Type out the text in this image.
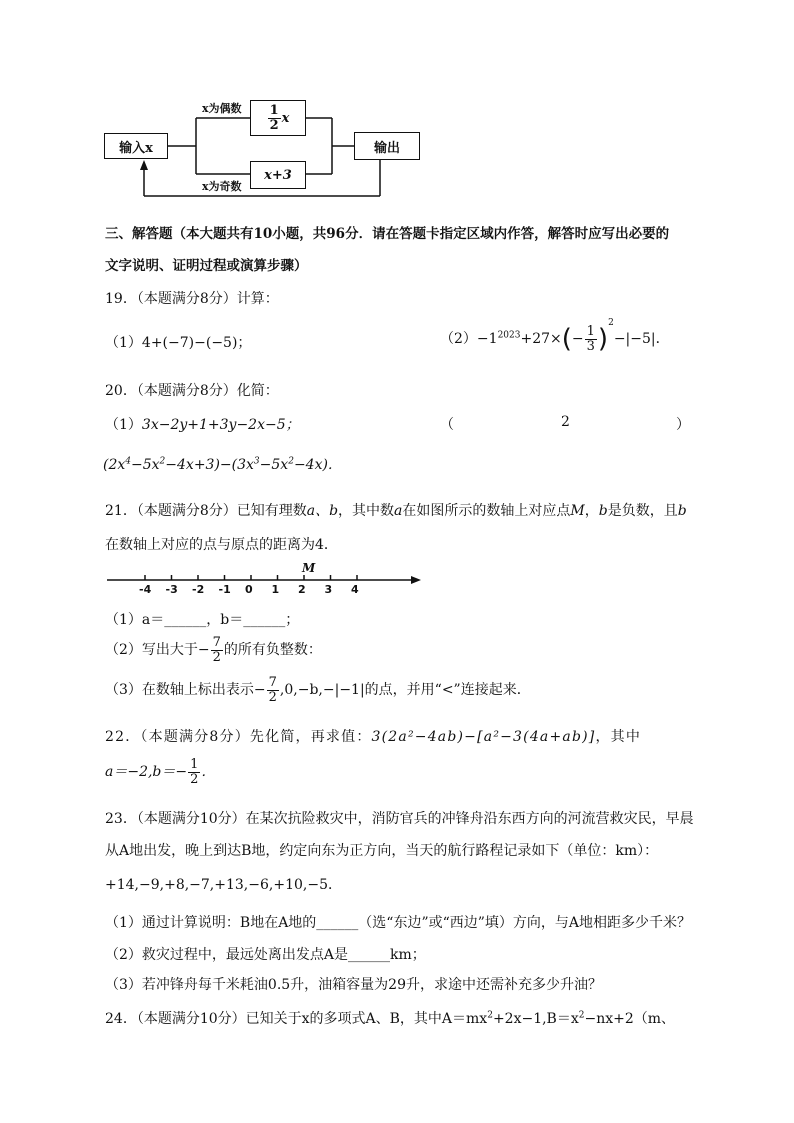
输入x
$\frac{1}{2}$ x
x+3
输出
x为偶数
x为奇数
三、解答题（本大题共有10小题，共96分．请在答题卡指定区域内作答，解答时应写出必要的
文字说明、证明过程或演算步骤）
19．（本题满分8分）计算：
（1）4+(−7)−(−5)；	$(2)-1^{2023}+27\times(- \frac{1}{3} )^2-|-5|$．
20．（本题满分8分）化简：
（1）3x−2y+1+3y−2x−5；	（	2	）
$(2x^4-5x^2-4x+3)-(3x^3-5x^2-4x)$．
21．（本题满分8分）已知有理数a、b，其中数a在如图所示的数轴上对应点M，b是负数，且b
在数轴上对应的点与原点的距离为4．
-4 -3 -2 -1 0 1 2 3 4
M
（1）a＝______，b＝______；
（2）写出大于− $\frac{7}{2}$ 的所有负整数：
（3）在数轴上标出表示− $\frac{7}{2} ,0,-b,-|-1|$的点，并用“<”连接起来．
22．（本题满分8分）先化简，再求值：3(2a²−4ab)−[a²−3(4a+ab)]，其中
$a=-2,b=- \frac{1}{2}$ ．
23．（本题满分10分）在某次抗险救灾中，消防官兵的冲锋舟沿东西方向的河流营救灾民，早晨
从A地出发，晚上到达B地，约定向东为正方向，当天的航行路程记录如下（单位：km）：
+14,−9,+8,−7,+13,−6,+10,−5．
（1）通过计算说明：B地在A地的______（选“东边”或“西边”填）方向，与A地相距多少千米？
（2）救灾过程中，最远处离出发点A是______km；
（3）若冲锋舟每千米耗油0.5升，油箱容量为29升，求途中还需补充多少升油？
24．（本题满分10分）已知关于x的多项式A、B，其中$A=mx^2+2x-1,B=x^2-nx+2(m$、
